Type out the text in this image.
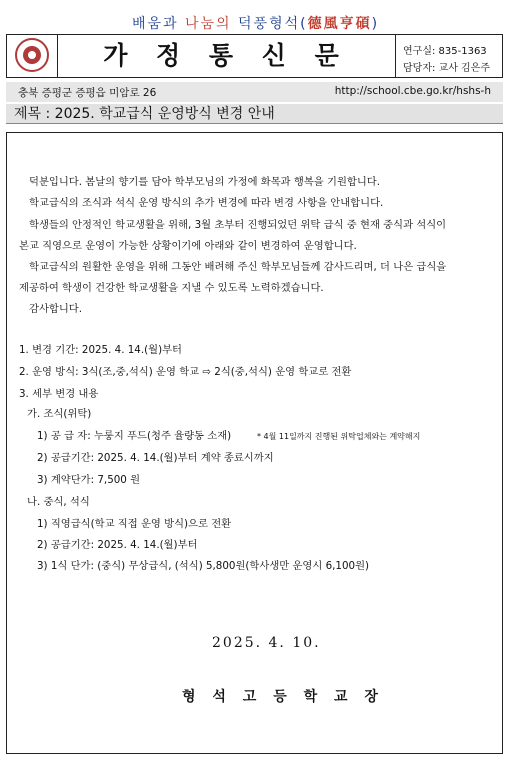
배움과 나눔의 덕풍형석(德風亨碩)
가 정 통 신 문	연구실: 835-1363
담당자: 교사 김은주
충북 증평군 증평읍 미암로 26	http://school.cbe.go.kr/hshs-h
제목 : 2025. 학교급식 운영방식 변경 안내
덕분입니다. 봄날의 향기를 담아 학부모님의 가정에 화목과 행복을 기원합니다.
학교급식의 조식과 석식 운영 방식의 추가 변경에 따라 변경 사항을 안내합니다.
학생들의 안정적인 학교생활을 위해, 3월 초부터 진행되었던 위탁 급식 중 현재 중식과 석식이
본교 직영으로 운영이 가능한 상황이기에 아래와 같이 변경하여 운영합니다.
학교급식의 원활한 운영을 위해 그동안 배려해 주신 학부모님들께 감사드리며, 더 나은 급식을
제공하여 학생이 건강한 학교생활을 지낼 수 있도록 노력하겠습니다.
감사합니다.
1. 변경 기간: 2025. 4. 14.(월)부터
2. 운영 방식: 3식(조,중,석식) 운영 학교 ⇨ 2식(중,석식) 운영 학교로 전환
3. 세부 변경 내용
가. 조식(위탁)
1) 공 급 자: 누룽지 푸드(청주 율량동 소재)	* 4월 11일까지 진행된 위탁업체와는 계약해지
2) 공급기간: 2025. 4. 14.(월)부터 계약 종료시까지
3) 계약단가: 7,500 원
나. 중식, 석식
1) 직영급식(학교 직접 운영 방식)으로 전환
2) 공급기간: 2025. 4. 14.(월)부터
3) 1식 단가: (중식) 무상급식, (석식) 5,800원(학사생만 운영시 6,100원)
2025. 4. 10.
형 석 고 등 학 교 장
